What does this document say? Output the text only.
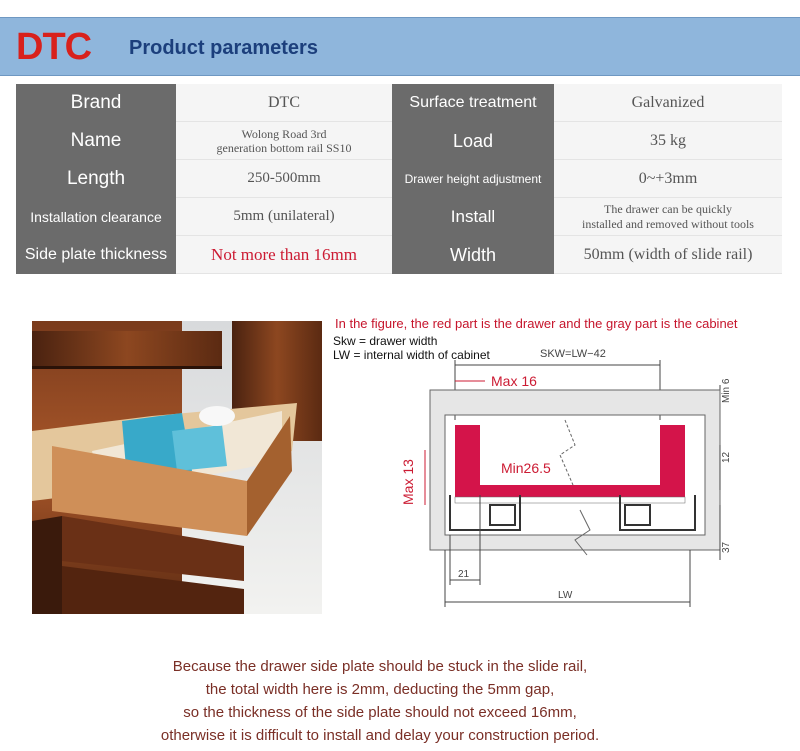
DTC Product parameters
Brand	DTC	Surface treatment	Galvanized
Name	Wolong Road 3rd
generation bottom rail SS10	Load	35 kg
Length	250-500mm	Drawer height adjustment	0~+3mm
Installation clearance	5mm (unilateral)	Install	The drawer can be quickly
installed and removed without tools
Side plate thickness	Not more than 16mm	Width	50mm (width of slide rail)
In the figure, the red part is the drawer and the gray part is the cabinet
Skw = drawer width
LW = internal width of cabinet	SKW=LW−42
Max 16	Min 6
Min26.5
Max 13
12
37
21
LW
Because the drawer side plate should be stuck in the slide rail,
the total width here is 2mm, deducting the 5mm gap,
so the thickness of the side plate should not exceed 16mm,
otherwise it is difficult to install and delay your construction period.
